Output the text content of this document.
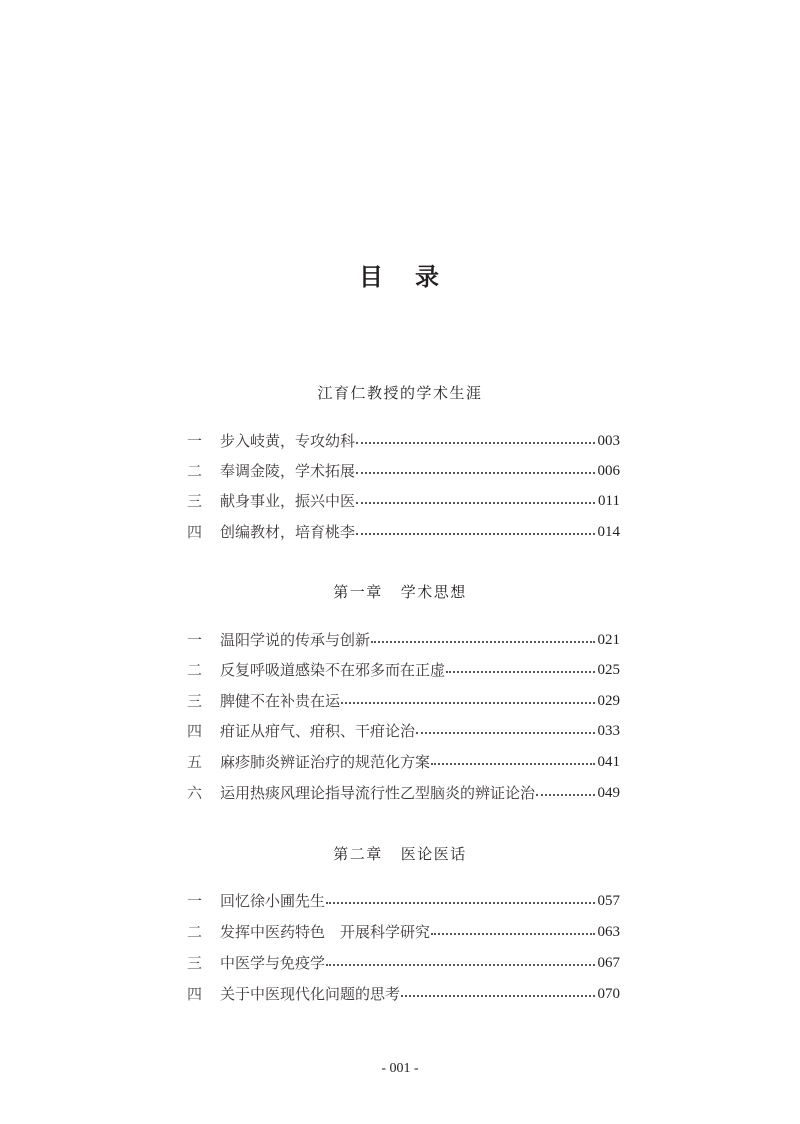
目 录
江育仁教授的学术生涯
一	步入岐黄，专攻幼科	003
二	奉调金陵，学术拓展	006
三	献身事业，振兴中医	011
四	创编教材，培育桃李	014
第一章 学术思想
一	温阳学说的传承与创新	021
二	反复呼吸道感染不在邪多而在正虚	025
三	脾健不在补贵在运	029
四	疳证从疳气、疳积、干疳论治	033
五	麻疹肺炎辨证治疗的规范化方案	041
六	运用热痰风理论指导流行性乙型脑炎的辨证论治	049
第二章 医论医话
一	回忆徐小圃先生	057
二	发挥中医药特色　开展科学研究	063
三	中医学与免疫学	067
四	关于中医现代化问题的思考	070
- 001 -
